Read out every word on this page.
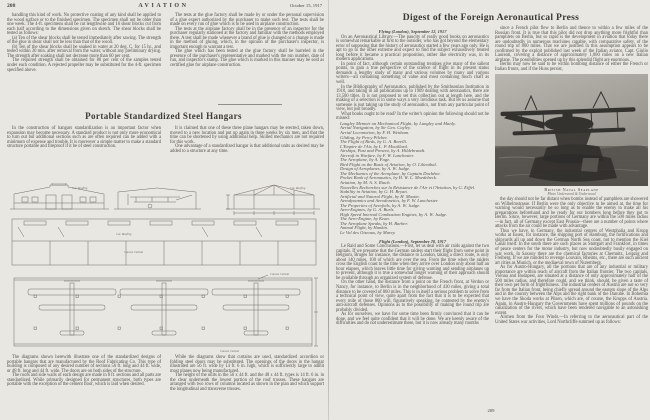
208	AVIATION	October 15, 1917

handling this kind of work. No protective coating of any kind shall be applied to the wood surface or to the finished specimen. The specimen shall not be older than one week. The 4-ft. specimens shall be cut lengthwise and 16 shear blocks cut from each half according to the dimensions given on sketch. The shear blocks shall be tested as follows:

(a) Ten of the shear blocks shall be tested immediately after sawing. The strength of the glue in shear shall not be less than that of the wood.

(b) Ten of the shear blocks shall be soaked in water at 20 deg. C. for 15 hr., and tested within 30 min. after removal from the water, without any preliminary drying. The strength after soaking shall not decrease more than 60 per cent.

The required strength shall be obtained for 80 per cent of the samples tested under each condition. A rejected propeller may be substituted for the 4-ft. specimen specified above.

The tests at the glue factory shall be made by or under the personal supervision of a glue expert authorized by the purchaser to make such test. The tests shall be made on every run of glue which is to be used in airplane construction.

The tests at the airplane factory shall be in the presence of an inspector for the purchaser regularly stationed at the factory and familiar with the methods employed there. A test shall be made whenever a brand of glue is changed or a change is made in the method of gluing, which, in the opinion of the purchaser's inspector, is important enough to warrant a test.

The glue which has been tested at the glue factory shall be barreled in the presence of the purchaser's representative and marked with the run number, date of run, and inspector's stamp. The glue which is marked in this manner may be sold as certified glue for airplane construction.

Portable Standardized Steel Hangars

In the construction of hangars standardization is an important factor when expansion may become necessary. A standard product is not only more economical to turn out but additional sections such as are often required can be added with a minimum of expense and trouble. It is moreover a simple matter to make a standard structure portable and fireproof if it be of steel construction.

It is claimed that one of these three plane hangars may be erected, taken down, moved to a new location and put up again in three weeks by six men, and that the time can be shortened by using additional help. Skilled mechanics are not required for this work.

One advantage of a standardized hangar is that additional units as desired may be added to a structure at any time.

Cor. Roofing	Cor. Roofing
Cor. Roofing
Canvas Curtain
Canvas Curtain
Canvas Curtain

The diagrams shown herewith illustrate one of the standardized designs of portable hangars that are manufactured by the Roof Fabricating Co. This type of building is composed of any desired number of sections 56 ft. long and 44 ft. wide, or 48 ft. long and 44 ft. wide. The doors are on both sides of the structure.

The roofs and side walls of each design are made in 8 ft. sections and all parts are standardized. While primarily designed for permanent structures, both types are portable with the exception of the cement floor, which is laid when desired.

While the diagrams show that curtains are used, standardized accordion or folding steel doors may be substituted. The openings of the doors in the hangar illustrated are 56 ft. wide by 14 ft. 6 in. high, which is sufficiently large to admit most planes now being manufactured.

The height of the units in the 56 x 44 ft. and the 48 x 44 ft. types is 14 ft. 6 in. in the clear underneath the lowest portion of the roof trusses. These hangars are arranged with two rows of columns located as shown in the plan and which support the longitudinal and transverse trusses.

Digest of the Foreign Aeronautical Press
Flying (London), September 12, 1917

On an Aeronautical Library.—The paucity of really good books on aeronautics is somewhat remarkable at first to the outsider, who has got beyond the elementary error of supposing that the history of aeronautics started a few years ago only. He is apt to go to the other extreme and expect to find the subject exhaustively treated long before it became a practical proposition, rather like electricity was, in its modern applications.

In point of fact, although certain outstanding treatises give many of the salient points, to gain a true perspective of the science of flight in its present status demands a lengthy study of many and various volumes by many and various writers—all containing something of value and most containing much chaff as well.

In the Bibliography of Aeronautics, published by the Smithsonian Institution in 1910, and taking in all publications up to 1909 dealing with aeronautics, there are 13,500 titles. It is not proposed to set this collection out at length here, and the making of a selection is in some ways a very invidious task. But let us assume that someone is just taking up the study of aeronautics, not from any particular point of view, but just broadly.

What books ought to be read? In the writer's opinion the following should not be missed:

Langley Memoir on Mechanical Flight, by Langley and Manly.
Aerial Navigation, by Sir Geo. Cayley.
Aerial Locomotion, by F. H. Wenham.
Gliding, by Percy Pilcher.
The Flight of Birds, by G. A. Borelli.
L'Empire de l'Air, by L. P. Mouillard.
Airships, Past and Present, by A. Hildebrandt.
Aircraft in Warfare, by F. W. Lanchester.
The Aeroplane, by A. Fage.
Bird Flight as the Basis of Aviation, by O. Lilienthal.
Design of Aeroplanes, by A. W. Judge.
The Mechanics of the Aeroplane, by Captain Duchêne.
Pocket Book of Aeronautics, by H. W. L. Moedebeck.
Aviation, by M. A. S. Riach.
Nouvelles Recherches sur la Résistance de l'Air et l'Aviation, by G. Eiffel.
Stability in Aviation, by G. H. Bryan.
Artificial and Natural Flight, by H. Maxim.
Aerodynamics and Aerodonetics, by F. W. Lanchester.
The Properties of Aerofoils, by A. W. Judge.
Aero-Engines, by G. A. Burls.
High Speed Internal Combustion Engines, by A. W. Judge.
The Aero-Engine, by Kean.
The Aeroplane Speaks, by H. Barber.
Animal Flight, by Hankin.
Le Vol des Oiseaux, by Marey.
Flight (London), September 20, 1917

Le Raid and Some Conclusions.—First, let us deal with air raids against the two capitals. If we presume that the German raiders start their flight from some point in Belgium, Bruges for instance, the distance to London, taking a direct route, is only about 140 miles, 100 of which are over the sea. From the time when the raiders cross the English coast to the time when they arrive over London only about half an hour elapses, which leaves little time for giving warning and sending airplanes up to prevent, although it is true a somewhat longer warning of their approach should be available through an organized system of defense.

On the other hand, the distance from a point on the French front, at Verdun or Nancy, for instance, to Berlin is in the neighborhood of 430 miles, giving a total distance to be covered of 860 miles. This is in itself a serious problem to solve from a technical point of view, quite apart from the fact that it is to be expected that every mile of those 860 will, figuratively speaking, be contested by the enemy's anti-aircraft defenses. Opinions as to the possibility of making the round trip are probably divided.

As for ourselves, we have for some time been firmly convinced that it can be done, and we feel quite confident that it will be done. We are keenly aware of the difficulties and do not underestimate these, but it is now already many months

since a French pilot flew to Berlin and thence to within a few miles of the Russian front. It is true that this pilot did not drop anything more frightful than pamphlets on Berlin, but so rapid is the development in aviation that today there are undoubtedly in numerous machines capable, with comparative safety, of the round trip of 800 miles. That we are justified in this assumption appears to be confirmed by the exploit published last week of the Italian aviator, Capt. Giulio Laureati, covering a distance of approximately 1,000 miles on a new Italian airplane. The possibilities opened up by this splendid flight are enormous.

Berlin may now be said to be within bombing distance of either the French or Italian fronts, and if the Huns persist,

British Naval Seaplane
Photo Underwood & Underwood

the day should not be far distant when bombs instead of pamphlets are showered on Wilhelmstrasse. If Berlin were the only objective to be aimed at, the time for warning would necessarily be so long as to enable the enemy to make all his preparations beforehand and be ready for our bombers long before they got to Berlin. Since, however, large portions of Germany are within the 500 miles radius—in fact, all of Germany except East Prussia—there are a number of points where attacks from the air could be made with advantage.

Thus we have, in Germany, the industrial centers of Westphalia and Krupp works at Essen, for instance, the shipping port of Hamburg, the fortifications and shipyards all up and down the German North Sea coast, not to mention the Kiel Canal itself. In the south there are such places as Stuttgart and Frankfort, in times of peace centers for the motor industry, but now undoubtedly busily engaged on war work. In Saxony there are the chemical factories at Chemnitz, Leipzig and Freiberg. If we are minded to revenge Louvain, Rheims, etc., there are such ancient art cities as Munich, or the mediaeval town of Nuremberg.

As for Austro-Hungary, all the portions that are of any industrial or military importance are within reach of aircraft from the Italian frontier. The two capitals, Vienna and Budapest, are situated at a distance of only approximately half of the 500 miles radius, and therefore could, and we think, should, be given a taste of their own pet form of frightfulness. The industrial centers of Austria are not so very far from the Italian front, being chiefly spread around the eastern slope of the Alps and in the country between the Alps and the right bank of the Danube. In Bohemia we have the Skoda works at Pilsen, which are, of course, the Krupps of Austria. Again, in Austro-Hungary the Governments have spent millions of pounds on the canalization of the rivers, which have been rendered navigable to an astonishing extent.

Airmen from the Four Winds.—In referring to the aeronautical part of the United States war activities, Lord Northcliffe summed up as follows:

209
